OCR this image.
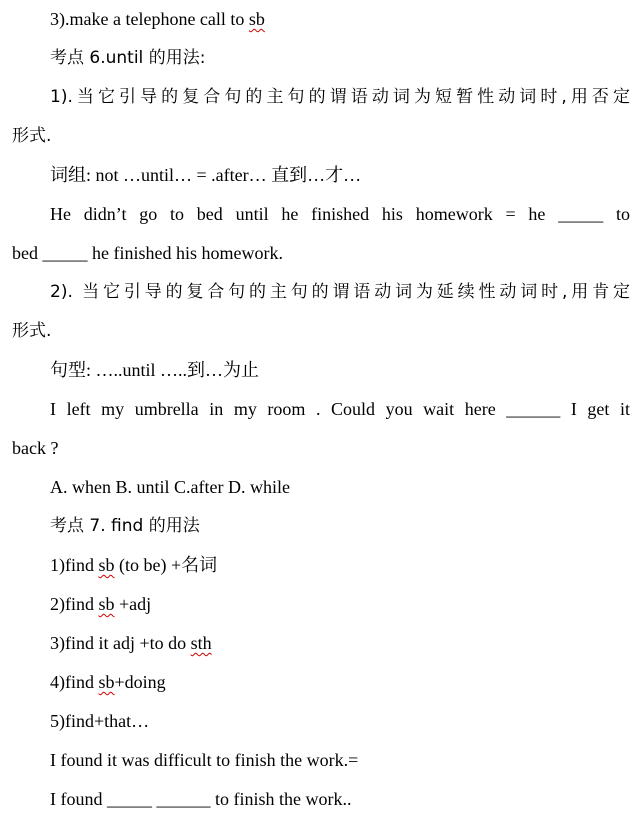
3).make a telephone call to sb
考点 6.until 的用法:
1).当它引导的复合句的主句的谓语动词为短暂性动词时,用否定
形式.
词组: not …until… = .after… 直到…才…
He didn’t go to bed until he finished his homework = he _____ to
bed _____ he finished his homework.
2). 当它引导的复合句的主句的谓语动词为延续性动词时,用肯定
形式.
句型: …..until …..到…为止
I left my umbrella in my room . Could you wait here ______ I get it
back ?
A. when B. until C.after D. while
考点 7. find 的用法
1)find sb (to be) +名词
2)find sb +adj
3)find it adj +to do sth
4)find sb+doing
5)find+that…
I found it was difficult to finish the work.=
I found _____ ______ to finish the work..
